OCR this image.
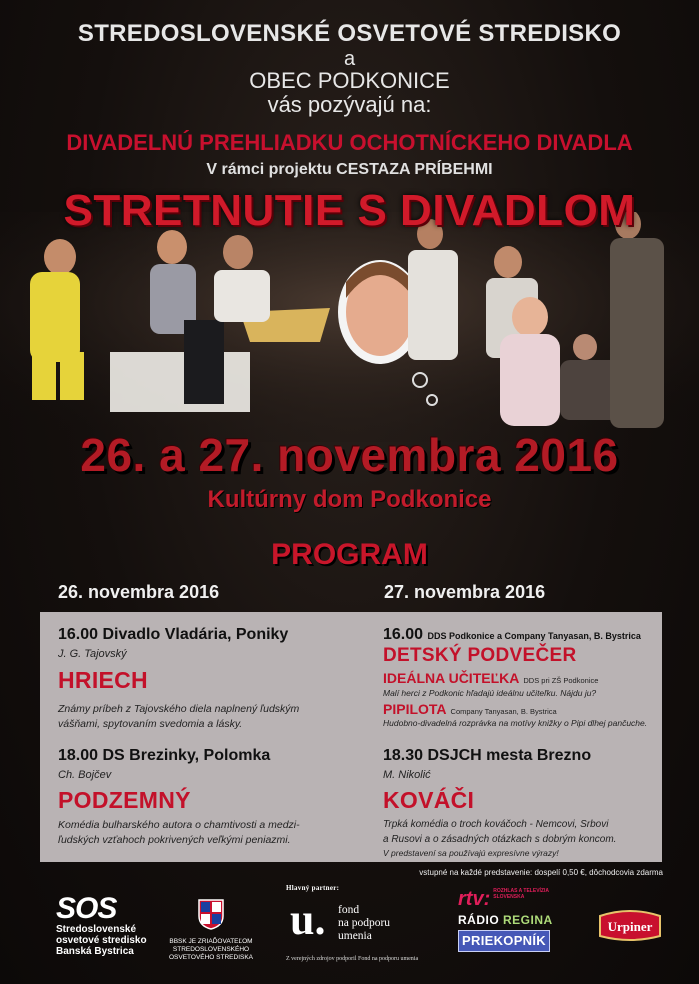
STREDOSLOVENSKÉ OSVETOVÉ STREDISKO
a
OBEC PODKONICE
vás pozývajú na:
DIVADELNÚ PREHLIADKU OCHOTNÍCKEHO DIVADLA
V rámci projektu CESTAZA PRÍBEHMI
STRETNUTIE S DIVADLOM
26. a 27. novembra 2016
Kultúrny dom Podkonice
PROGRAM
26. novembra 2016	27. novembra 2016
16.00 Divadlo Vladária, Poniky
J. G. Tajovský
HRIECH
Známy príbeh z Tajovského diela naplnený ľudským
vášňami, spytovaním svedomia a lásky.
18.00 DS Brezinky, Polomka
Ch. Bojčev
PODZEMNÝ
Komédia bulharského autora o chamtivosti a medzi-
ľudských vzťahoch pokrivených veľkými peniazmi.
16.00 DDS Podkonice a Company Tanyasan, B. Bystrica
DETSKÝ PODVEČER
IDEÁLNA UČITEĽKA DDS pri ZŠ Podkonice
Malí herci z Podkonic hľadajú ideálnu učiteľku. Nájdu ju?
PIPILOTA Company Tanyasan, B. Bystrica
Hudobno-divadelná rozprávka na motívy knižky o Pipi dlhej pančuche.
18.30 DSJCH mesta Brezno
M. Nikolić
KOVÁČI
Trpká komédia o troch kováčoch - Nemcovi, Srbovi
a Rusovi a o zásadných otázkach s dobrým koncom.
V predstavení sa používajú expresívne výrazy!
vstupné na každé predstavenie: dospelí 0,50 €, dôchodcovia zdarma
SOS
Stredoslovenské
osvetové stredisko
Banská Bystrica
BBSK JE ZRIAĎOVATEĽOM
STREDOSLOVENSKÉHO
OSVETOVÉHO STREDISKA
Hlavný partner:
u. fond
na podporu
umenia
Z verejných zdrojov podporil Fond na podporu umenia
rtv: ROZHLAS A TELEVÍZIA
SLOVENSKA
RÁDIO REGINA
PRIEKOPNÍK
Urpiner
